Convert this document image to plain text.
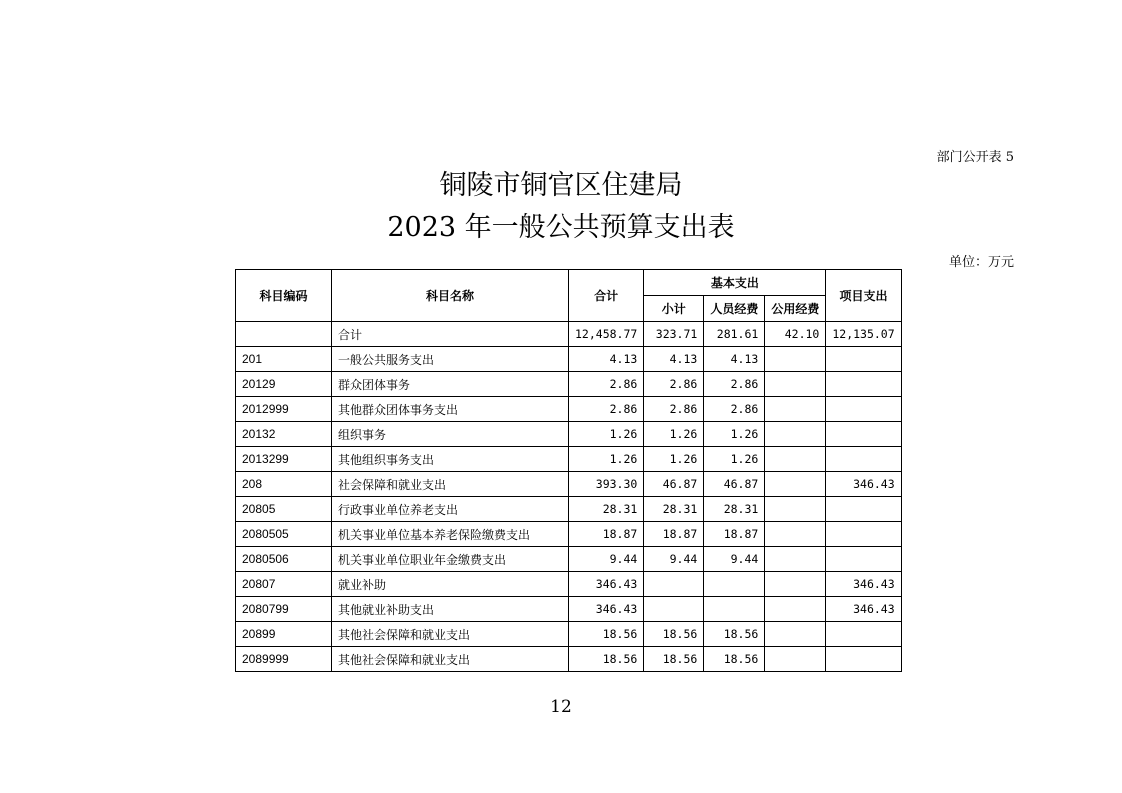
部门公开表 5
铜陵市铜官区住建局
2023 年一般公共预算支出表
单位：万元
科目编码	科目名称	合计	基本支出			项目支出
			小计	人员经费	公用经费	
	合计	12,458.77	323.71	281.61	42.10	12,135.07
201	一般公共服务支出	4.13	4.13	4.13		
20129	群众团体事务	2.86	2.86	2.86		
2012999	其他群众团体事务支出	2.86	2.86	2.86		
20132	组织事务	1.26	1.26	1.26		
2013299	其他组织事务支出	1.26	1.26	1.26		
208	社会保障和就业支出	393.30	46.87	46.87		346.43
20805	行政事业单位养老支出	28.31	28.31	28.31		
2080505	机关事业单位基本养老保险缴费支出	18.87	18.87	18.87		
2080506	机关事业单位职业年金缴费支出	9.44	9.44	9.44		
20807	就业补助	346.43				346.43
2080799	其他就业补助支出	346.43				346.43
20899	其他社会保障和就业支出	18.56	18.56	18.56		
2089999	其他社会保障和就业支出	18.56	18.56	18.56		
12
